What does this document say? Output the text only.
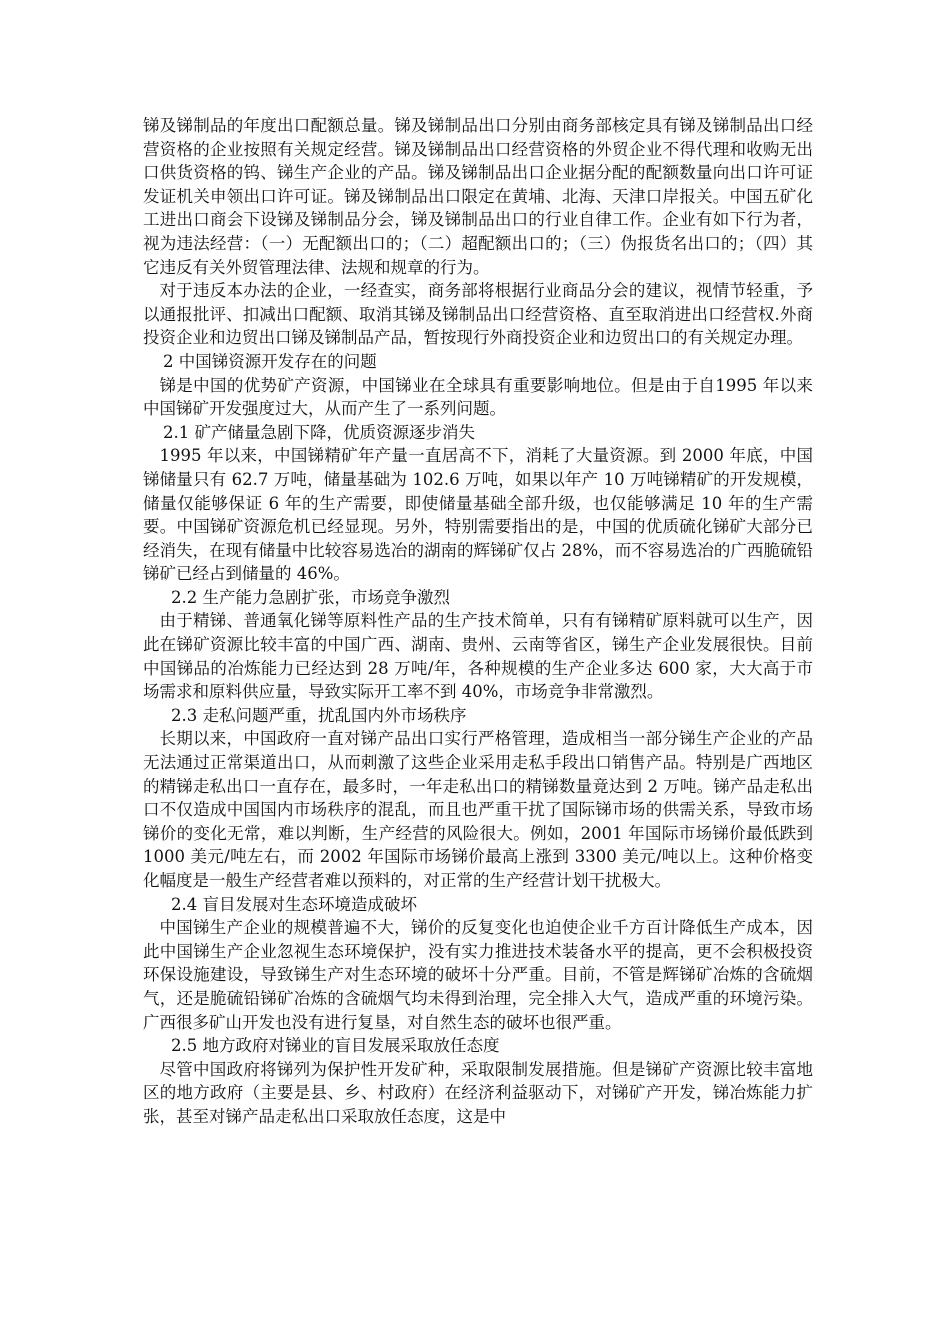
锑及锑制品的年度出口配额总量。锑及锑制品出口分别由商务部核定具有锑及锑制品出口经营资格的企业按照有关规定经营。锑及锑制品出口经营资格的外贸企业不得代理和收购无出口供货资格的钨、锑生产企业的产品。锑及锑制品出口企业据分配的配额数量向出口许可证发证机关申领出口许可证。锑及锑制品出口限定在黄埔、北海、天津口岸报关。中国五矿化工进出口商会下设锑及锑制品分会，锑及锑制品出口的行业自律工作。企业有如下行为者，视为违法经营：（一）无配额出口的；（二）超配额出口的；（三）伪报货名出口的；（四）其它违反有关外贸管理法律、法规和规章的行为。

对于违反本办法的企业，一经查实，商务部将根据行业商品分会的建议，视情节轻重，予以通报批评、扣减出口配额、取消其锑及锑制品出口经营资格、直至取消进出口经营权.外商投资企业和边贸出口锑及锑制品产品，暂按现行外商投资企业和边贸出口的有关规定办理。

2 中国锑资源开发存在的问题

锑是中国的优势矿产资源，中国锑业在全球具有重要影响地位。但是由于自1995 年以来中国锑矿开发强度过大，从而产生了一系列问题。

2.1 矿产储量急剧下降，优质资源逐步消失

1995 年以来，中国锑精矿年产量一直居高不下，消耗了大量资源。到 2000 年底，中国锑储量只有 62.7 万吨，储量基础为 102.6 万吨，如果以年产 10 万吨锑精矿的开发规模，储量仅能够保证 6 年的生产需要，即使储量基础全部升级，也仅能够满足 10 年的生产需要。中国锑矿资源危机已经显现。另外，特别需要指出的是，中国的优质硫化锑矿大部分已经消失，在现有储量中比较容易选冶的湖南的辉锑矿仅占 28%，而不容易选冶的广西脆硫铅锑矿已经占到储量的 46%。

2.2 生产能力急剧扩张，市场竞争激烈

由于精锑、普通氧化锑等原料性产品的生产技术简单，只有有锑精矿原料就可以生产，因此在锑矿资源比较丰富的中国广西、湖南、贵州、云南等省区，锑生产企业发展很快。目前中国锑品的冶炼能力已经达到 28 万吨/年，各种规模的生产企业多达 600 家，大大高于市场需求和原料供应量，导致实际开工率不到 40%，市场竞争非常激烈。

2.3 走私问题严重，扰乱国内外市场秩序

长期以来，中国政府一直对锑产品出口实行严格管理，造成相当一部分锑生产企业的产品无法通过正常渠道出口，从而刺激了这些企业采用走私手段出口销售产品。特别是广西地区的精锑走私出口一直存在，最多时，一年走私出口的精锑数量竟达到 2 万吨。锑产品走私出口不仅造成中国国内市场秩序的混乱，而且也严重干扰了国际锑市场的供需关系，导致市场锑价的变化无常，难以判断，生产经营的风险很大。例如，2001 年国际市场锑价最低跌到 1000 美元/吨左右，而 2002 年国际市场锑价最高上涨到 3300 美元/吨以上。这种价格变化幅度是一般生产经营者难以预料的，对正常的生产经营计划干扰极大。

2.4 盲目发展对生态环境造成破坏

中国锑生产企业的规模普遍不大，锑价的反复变化也迫使企业千方百计降低生产成本，因此中国锑生产企业忽视生态环境保护，没有实力推进技术装备水平的提高，更不会积极投资环保设施建设，导致锑生产对生态环境的破坏十分严重。目前，不管是辉锑矿冶炼的含硫烟气，还是脆硫铅锑矿冶炼的含硫烟气均未得到治理，完全排入大气，造成严重的环境污染。广西很多矿山开发也没有进行复垦，对自然生态的破坏也很严重。

2.5 地方政府对锑业的盲目发展采取放任态度

尽管中国政府将锑列为保护性开发矿种，采取限制发展措施。但是锑矿产资源比较丰富地区的地方政府（主要是县、乡、村政府）在经济利益驱动下，对锑矿产开发，锑冶炼能力扩张，甚至对锑产品走私出口采取放任态度，这是中
